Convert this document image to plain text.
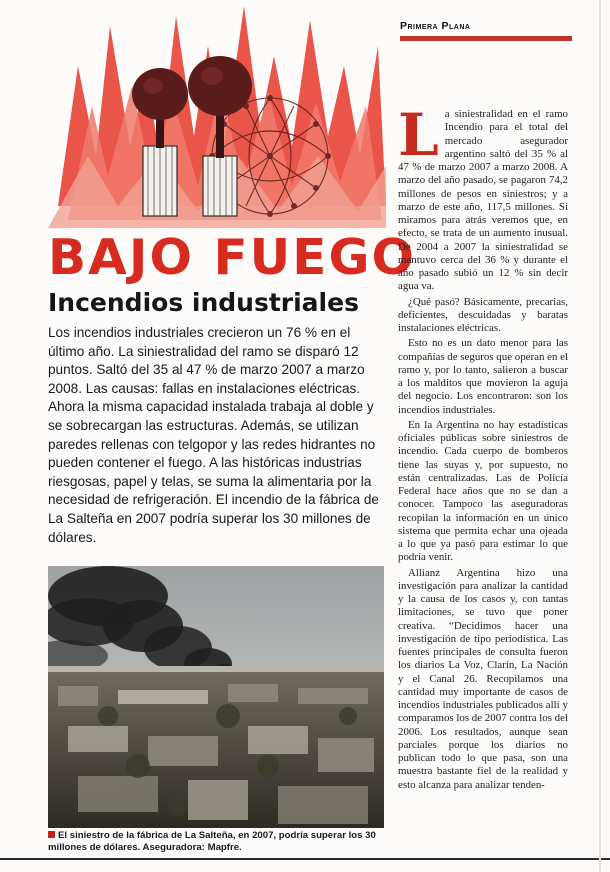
BAJO FUEGO
Incendios industriales

Los incendios industriales crecieron un 76 % en el último año. La siniestralidad del ramo se disparó 12 puntos. Saltó del 35 al 47 % de marzo 2007 a marzo 2008. Las causas: fallas en instalaciones eléctricas. Ahora la misma capacidad instalada trabaja al doble y se sobrecargan las estructuras. Además, se utilizan paredes rellenas con telgopor y las redes hidrantes no pueden contener el fuego. A las históricas industrias riesgosas, papel y telas, se suma la alimentaria por la necesidad de refrigeración. El incendio de la fábrica de La Salteña en 2007 podría superar los 30 millones de dólares.

El siniestro de la fábrica de La Salteña, en 2007, podría superar los 30 millones de dólares. Aseguradora: Mapfre.
Primera Plana

La siniestralidad en el ramo Incendio para el total del mercado asegurador argentino saltó del 35 % al 47 % de marzo 2007 a marzo 2008. A marzo del año pasado, se pagaron 74,2 millones de pesos en siniestros; y a marzo de este año, 117,5 millones. Si miramos para atrás veremos que, en efecto, se trata de un aumento inusual. De 2004 a 2007 la siniestralidad se mantuvo cerca del 36 % y durante el año pasado subió un 12 % sin decir agua va.

¿Qué pasó? Básicamente, precarias, deficientes, descuidadas y baratas instalaciones eléctricas.

Esto no es un dato menor para las compañías de seguros que operan en el ramo y, por lo tanto, salieron a buscar a los malditos que movieron la aguja del negocio. Los encontraron: son los incendios industriales.

En la Argentina no hay estadísticas oficiales públicas sobre siniestros de incendio. Cada cuerpo de bomberos tiene las suyas y, por supuesto, no están centralizadas. Las de Policía Federal hace años que no se dan a conocer. Tampoco las aseguradoras recopilan la información en un único sistema que permita echar una ojeada a lo que ya pasó para estimar lo que podría venir.

Allianz Argentina hizo una investigación para analizar la cantidad y la causa de los casos y, con tantas limitaciones, se tuvo que poner creativa. “Decidimos hacer una investigación de tipo periodística. Las fuentes principales de consulta fueron los diarios La Voz, Clarín, La Nación y el Canal 26. Recopilamos una cantidad muy importante de casos de incendios industriales publicados allí y comparamos los de 2007 contra los del 2006. Los resultados, aunque sean parciales porque los diarios no publican todo lo que pasa, son una muestra bastante fiel de la realidad y esto alcanza para analizar tenden-
